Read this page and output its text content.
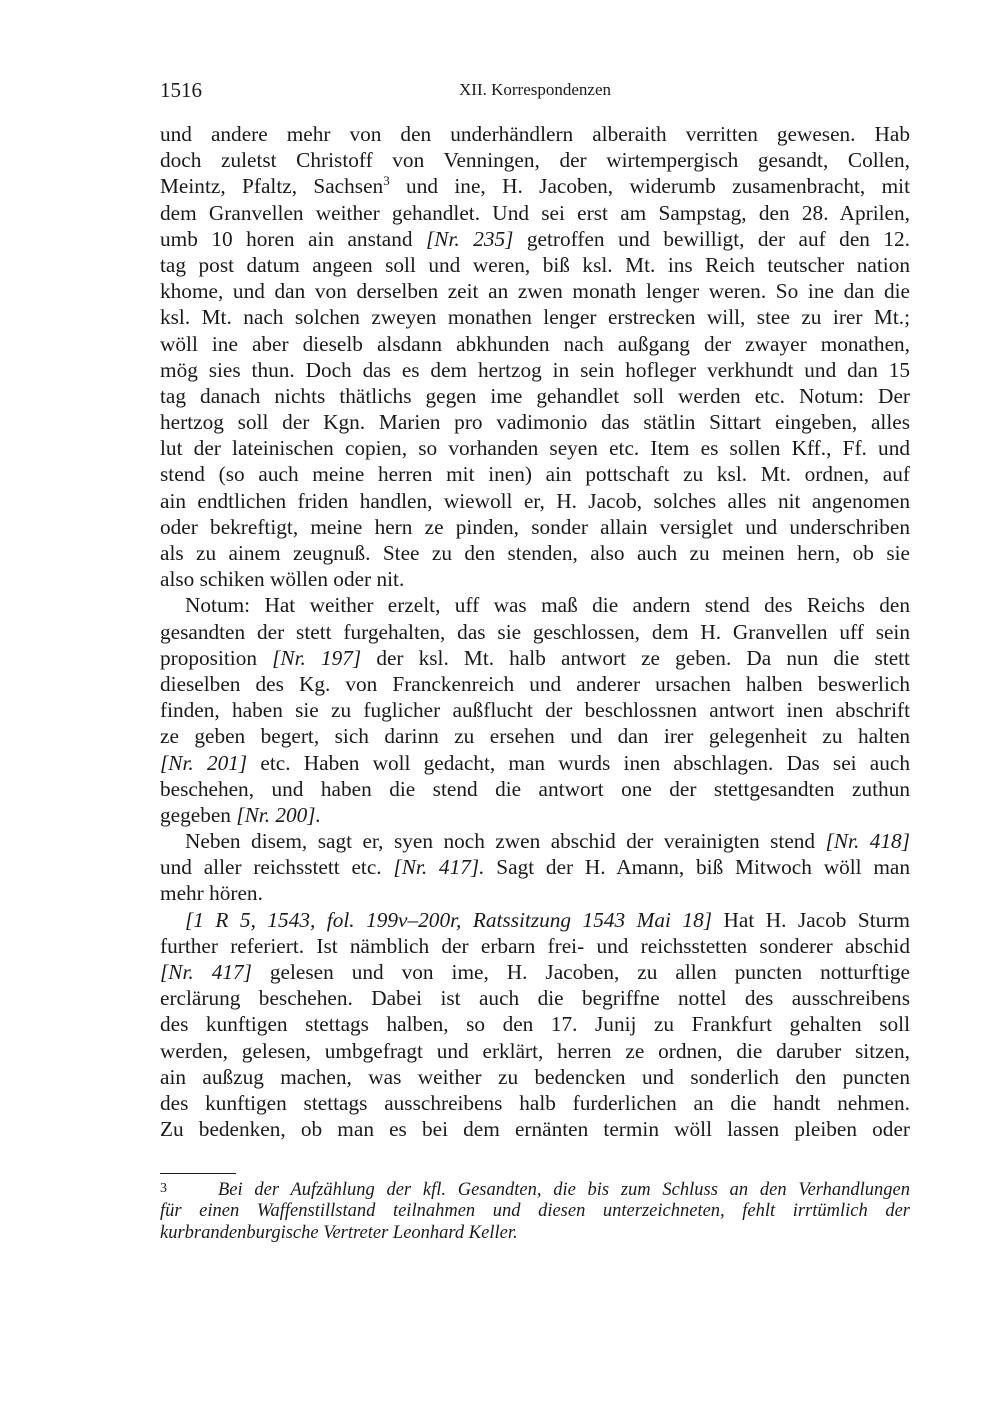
1516	XII. Korrespondenzen
und andere mehr von den underhändlern alberaith verritten gewesen. Hab
doch zuletst Christoff von Venningen, der wirtempergisch gesandt, Collen,
Meintz, Pfaltz, Sachsen$^3$ und ine, H. Jacoben, widerumb zusamenbracht, mit
dem Granvellen weither gehandlet. Und sei erst am Sampstag, den 28. Aprilen,
umb 10 horen ain anstand [Nr. 235] getroffen und bewilligt, der auf den 12.
tag post datum angeen soll und weren, biß ksl. Mt. ins Reich teutscher nation
khome, und dan von derselben zeit an zwen monath lenger weren. So ine dan die
ksl. Mt. nach solchen zweyen monathen lenger erstrecken will, stee zu irer Mt.;
wöll ine aber dieselb alsdann abkhunden nach außgang der zwayer monathen,
mög sies thun. Doch das es dem hertzog in sein hofleger verkhundt und dan 15
tag danach nichts thätlichs gegen ime gehandlet soll werden etc. Notum: Der
hertzog soll der Kgn. Marien pro vadimonio das stätlin Sittart eingeben, alles
lut der lateinischen copien, so vorhanden seyen etc. Item es sollen Kff., Ff. und
stend (so auch meine herren mit inen) ain pottschaft zu ksl. Mt. ordnen, auf
ain endtlichen friden handlen, wiewoll er, H. Jacob, solches alles nit angenomen
oder bekreftigt, meine hern ze pinden, sonder allain versiglet und underschriben
als zu ainem zeugnuß. Stee zu den stenden, also auch zu meinen hern, ob sie
also schiken wöllen oder nit.
Notum: Hat weither erzelt, uff was maß die andern stend des Reichs den
gesandten der stett furgehalten, das sie geschlossen, dem H. Granvellen uff sein
proposition [Nr. 197] der ksl. Mt. halb antwort ze geben. Da nun die stett
dieselben des Kg. von Franckenreich und anderer ursachen halben beswerlich
finden, haben sie zu fuglicher außflucht der beschlossnen antwort inen abschrift
ze geben begert, sich darinn zu ersehen und dan irer gelegenheit zu halten
[Nr. 201] etc. Haben woll gedacht, man wurds inen abschlagen. Das sei auch
beschehen, und haben die stend die antwort one der stettgesandten zuthun
gegeben [Nr. 200].
Neben disem, sagt er, syen noch zwen abschid der verainigten stend [Nr. 418]
und aller reichsstett etc. [Nr. 417]. Sagt der H. Amann, biß Mitwoch wöll man
mehr hören.
[1 R 5, 1543, fol. 199v–200r, Ratssitzung 1543 Mai 18] Hat H. Jacob Sturm
further referiert. Ist nämblich der erbarn frei- und reichsstetten sonderer abschid
[Nr. 417] gelesen und von ime, H. Jacoben, zu allen puncten notturftige
erclärung beschehen. Dabei ist auch die begriffne nottel des ausschreibens
des kunftigen stettags halben, so den 17. Junij zu Frankfurt gehalten soll
werden, gelesen, umbgefragt und erklärt, herren ze ordnen, die daruber sitzen,
ain außzug machen, was weither zu bedencken und sonderlich den puncten
des kunftigen stettags ausschreibens halb furderlichen an die handt nehmen.
Zu bedenken, ob man es bei dem ernänten termin wöll lassen pleiben oder
3	Bei der Aufzählung der kfl. Gesandten, die bis zum Schluss an den Verhandlungen
für einen Waffenstillstand teilnahmen und diesen unterzeichneten, fehlt irrtümlich der
kurbrandenburgische Vertreter Leonhard Keller.
